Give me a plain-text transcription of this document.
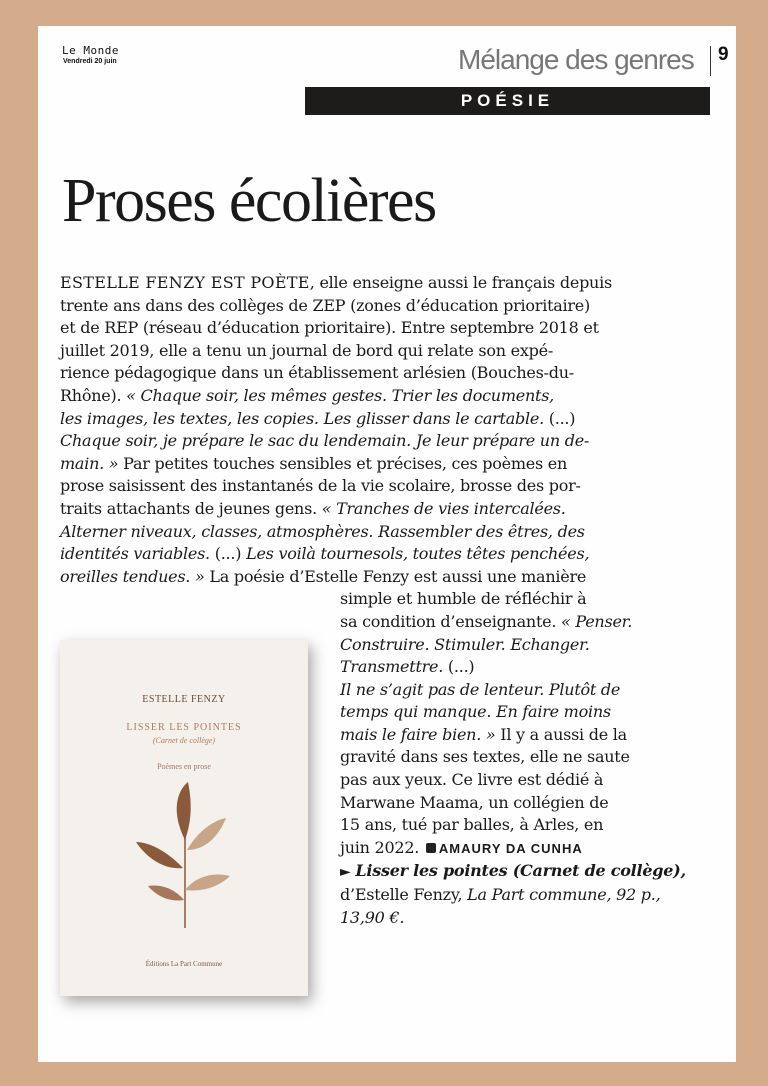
Le Monde
Vendredi 20 juin	Mélange des genres 9
POÉSIE
Proses écolières
ESTELLE FENZY EST POÈTE, elle enseigne aussi le français depuis
trente ans dans des collèges de ZEP (zones d’éducation prioritaire)
et de REP (réseau d’éducation prioritaire). Entre septembre 2018 et
juillet 2019, elle a tenu un journal de bord qui relate son expé-
rience pédagogique dans un établissement arlésien (Bouches-du-
Rhône). « Chaque soir, les mêmes gestes. Trier les documents,
les images, les textes, les copies. Les glisser dans le cartable. (...)
Chaque soir, je prépare le sac du lendemain. Je leur prépare un de-
main. » Par petites touches sensibles et précises, ces poèmes en
prose saisissent des instantanés de la vie scolaire, brosse des por-
traits attachants de jeunes gens. « Tranches de vies intercalées.
Alterner niveaux, classes, atmosphères. Rassembler des êtres, des
identités variables. (...) Les voilà tournesols, toutes têtes penchées,
oreilles tendues. » La poésie d’Estelle Fenzy est aussi une manière
simple et humble de réfléchir à
sa condition d’enseignante. « Penser.
Construire. Stimuler. Echanger.
Transmettre. (...)
Il ne s’agit pas de lenteur. Plutôt de
temps qui manque. En faire moins
mais le faire bien. » Il y a aussi de la
gravité dans ses textes, elle ne saute
pas aux yeux. Ce livre est dédié à
Marwane Maama, un collégien de
15 ans, tué par balles, à Arles, en
juin 2022. AMAURY DA CUNHA
► Lisser les pointes (Carnet de collège),
d’Estelle Fenzy, La Part commune, 92 p.,
13,90 €.
ESTELLE FENZY
LISSER LES POINTES
(Carnet de collège)
Poèmes en prose
Éditions La Part Commune
